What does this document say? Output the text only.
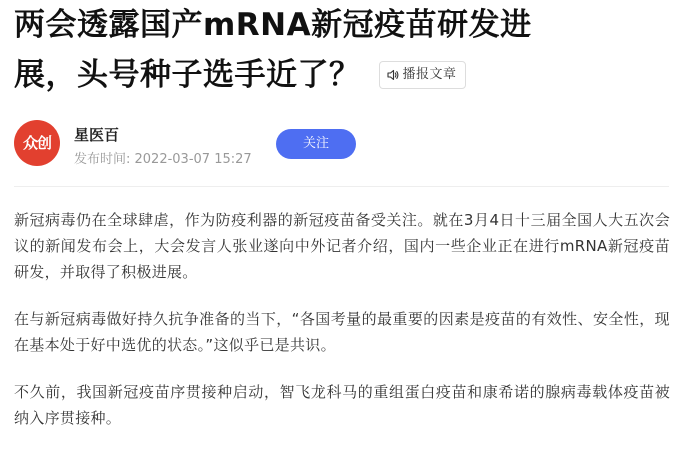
两会透露国产mRNA新冠疫苗研发进
展，头号种子选手近了？	播报文章
众创	星医百
发布时间: 2022-03-07 15:27
关注

新冠病毒仍在全球肆虐，作为防疫利器的新冠疫苗备受关注。就在3月4日十三届全国人大五次会议的新闻发布会上，大会发言人张业遂向中外记者介绍，国内一些企业正在进行mRNA新冠疫苗研发，并取得了积极进展。

在与新冠病毒做好持久抗争准备的当下，“各国考量的最重要的因素是疫苗的有效性、安全性，现在基本处于好中选优的状态。”这似乎已是共识。

不久前，我国新冠疫苗序贯接种启动，智飞龙科马的重组蛋白疫苗和康希诺的腺病毒载体疫苗被纳入序贯接种。
